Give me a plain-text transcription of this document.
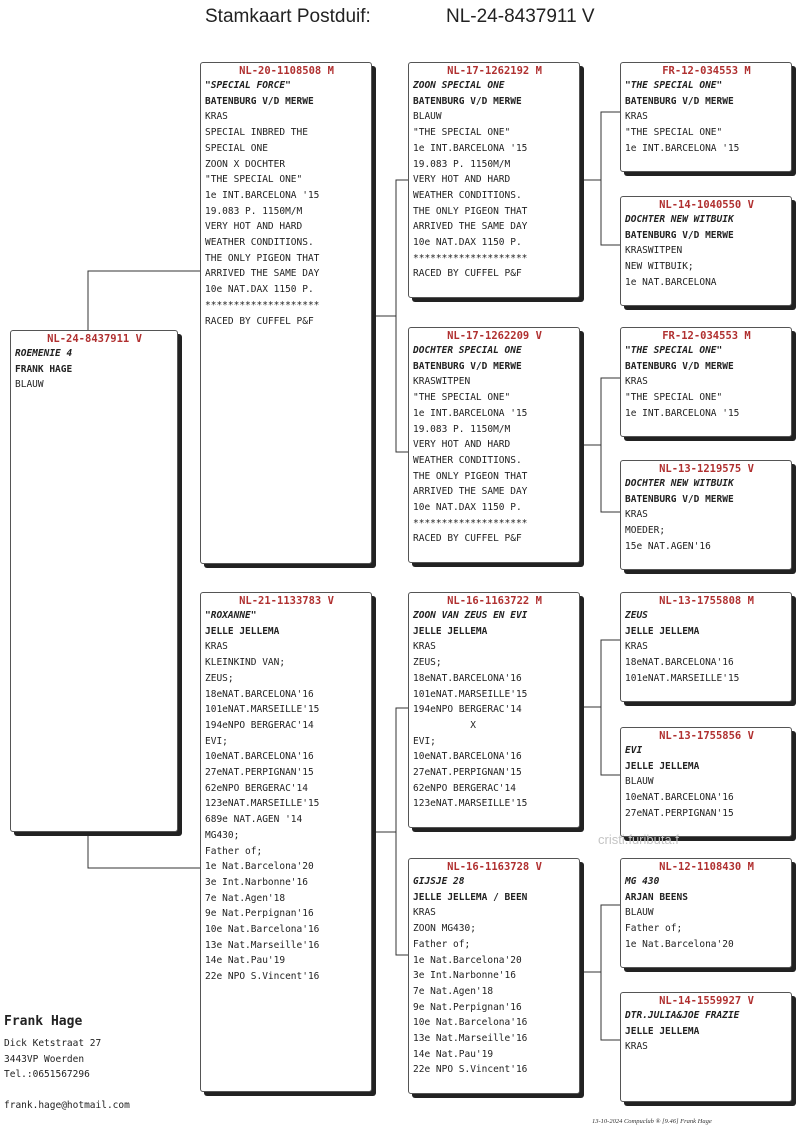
Stamkaart Postduif:	NL-24-8437911 V
NL-24-8437911 V
ROEMENIE 4
FRANK HAGE
BLAUW
NL-20-1108508 M
"SPECIAL FORCE"
BATENBURG V/D MERWE
KRAS
SPECIAL INBRED THE
SPECIAL ONE
ZOON X DOCHTER
"THE SPECIAL ONE"
1e INT.BARCELONA '15
19.083 P. 1150M/M
VERY HOT AND HARD
WEATHER CONDITIONS.
THE ONLY PIGEON THAT
ARRIVED THE SAME DAY
10e NAT.DAX 1150 P.
********************
RACED BY CUFFEL P&F
NL-21-1133783 V
"ROXANNE"
JELLE JELLEMA
KRAS
KLEINKIND VAN;
ZEUS;
18eNAT.BARCELONA'16
101eNAT.MARSEILLE'15
194eNPO BERGERAC'14
EVI;
10eNAT.BARCELONA'16
27eNAT.PERPIGNAN'15
62eNPO BERGERAC'14
123eNAT.MARSEILLE'15
689e NAT.AGEN '14
MG430;
Father of;
1e Nat.Barcelona'20
3e Int.Narbonne'16
7e Nat.Agen'18
9e Nat.Perpignan'16
10e Nat.Barcelona'16
13e Nat.Marseille'16
14e Nat.Pau'19
22e NPO S.Vincent'16
NL-17-1262192 M
ZOON SPECIAL ONE
BATENBURG V/D MERWE
BLAUW
"THE SPECIAL ONE"
1e INT.BARCELONA '15
19.083 P. 1150M/M
VERY HOT AND HARD
WEATHER CONDITIONS.
THE ONLY PIGEON THAT
ARRIVED THE SAME DAY
10e NAT.DAX 1150 P.
********************
RACED BY CUFFEL P&F
NL-17-1262209 V
DOCHTER SPECIAL ONE
BATENBURG V/D MERWE
KRASWITPEN
"THE SPECIAL ONE"
1e INT.BARCELONA '15
19.083 P. 1150M/M
VERY HOT AND HARD
WEATHER CONDITIONS.
THE ONLY PIGEON THAT
ARRIVED THE SAME DAY
10e NAT.DAX 1150 P.
********************
RACED BY CUFFEL P&F
NL-16-1163722 M
ZOON VAN ZEUS EN EVI
JELLE JELLEMA
KRAS
ZEUS;
18eNAT.BARCELONA'16
101eNAT.MARSEILLE'15
194eNPO BERGERAC'14
X
EVI;
10eNAT.BARCELONA'16
27eNAT.PERPIGNAN'15
62eNPO BERGERAC'14
123eNAT.MARSEILLE'15
NL-16-1163728 V
GIJSJE 28
JELLE JELLEMA / BEEN
KRAS
ZOON MG430;
Father of;
1e Nat.Barcelona'20
3e Int.Narbonne'16
7e Nat.Agen'18
9e Nat.Perpignan'16
10e Nat.Barcelona'16
13e Nat.Marseille'16
14e Nat.Pau'19
22e NPO S.Vincent'16
FR-12-034553 M
"THE SPECIAL ONE"
BATENBURG V/D MERWE
KRAS
"THE SPECIAL ONE"
1e INT.BARCELONA '15
NL-14-1040550 V
DOCHTER NEW WITBUIK
BATENBURG V/D MERWE
KRASWITPEN
NEW WITBUIK;
1e NAT.BARCELONA
FR-12-034553 M
"THE SPECIAL ONE"
BATENBURG V/D MERWE
KRAS
"THE SPECIAL ONE"
1e INT.BARCELONA '15
NL-13-1219575 V
DOCHTER NEW WITBUIK
BATENBURG V/D MERWE
KRAS
MOEDER;
15e NAT.AGEN'16
NL-13-1755808 M
ZEUS
JELLE JELLEMA
KRAS
18eNAT.BARCELONA'16
101eNAT.MARSEILLE'15
NL-13-1755856 V
EVI
JELLE JELLEMA
BLAUW
10eNAT.BARCELONA'16
27eNAT.PERPIGNAN'15
NL-12-1108430 M
MG 430
ARJAN BEENS
BLAUW
Father of;
1e Nat.Barcelona'20
NL-14-1559927 V
DTR.JULIA&JOE FRAZIE
JELLE JELLEMA
KRAS
cristi.fuributa.f
Frank Hage
Dick Ketstraat 27
3443VP Woerden
Tel.:0651567296
frank.hage@hotmail.com
13-10-2024 Compuclub ® [9.46] Frank Hage
